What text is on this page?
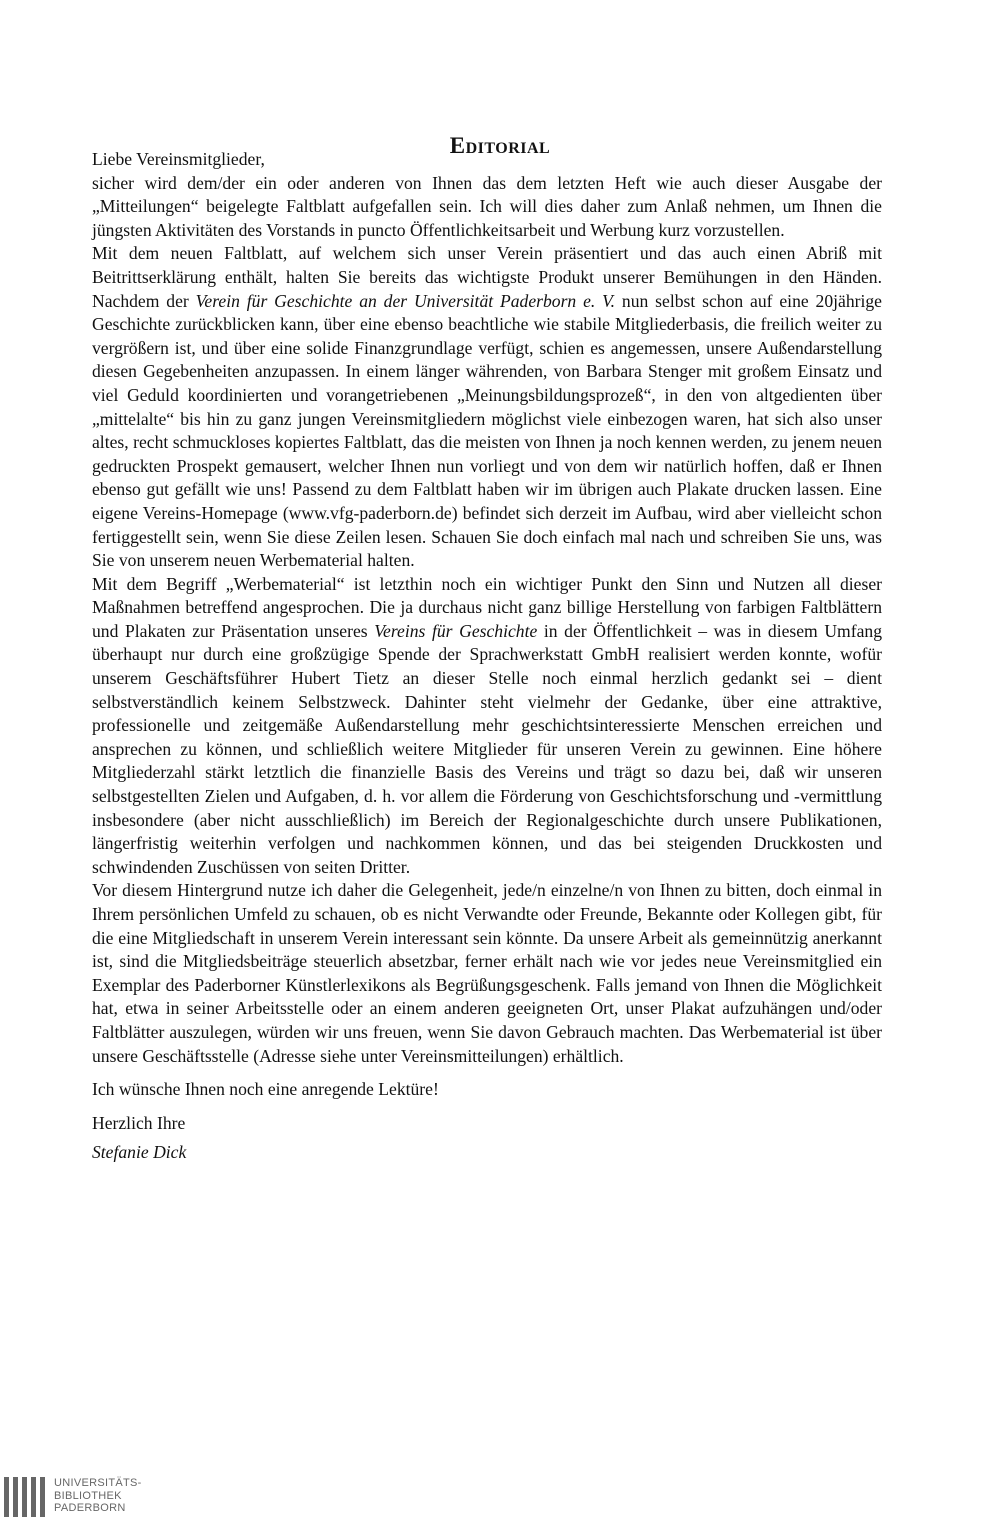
Editorial

Liebe Vereinsmitglieder,

sicher wird dem/der ein oder anderen von Ihnen das dem letzten Heft wie auch dieser Ausgabe der „Mitteilungen“ beigelegte Faltblatt aufgefallen sein. Ich will dies daher zum Anlaß nehmen, um Ihnen die jüngsten Aktivitäten des Vorstands in puncto Öffentlichkeitsarbeit und Werbung kurz vorzustellen.

Mit dem neuen Faltblatt, auf welchem sich unser Verein präsentiert und das auch einen Abriß mit Beitrittserklärung enthält, halten Sie bereits das wichtigste Produkt unserer Bemühungen in den Händen. Nachdem der Verein für Geschichte an der Universität Paderborn e. V. nun selbst schon auf eine 20jährige Geschichte zurückblicken kann, über eine ebenso beachtliche wie stabile Mitgliederbasis, die freilich weiter zu vergrößern ist, und über eine solide Finanzgrundlage verfügt, schien es angemessen, unsere Außendarstellung diesen Gegebenheiten anzupassen. In einem länger währenden, von Barbara Stenger mit großem Einsatz und viel Geduld koordinierten und vorangetriebenen „Meinungsbildungsprozeß“, in den von altgedienten über „mittelalte“ bis hin zu ganz jungen Vereinsmitgliedern möglichst viele einbezogen waren, hat sich also unser altes, recht schmuckloses kopiertes Faltblatt, das die meisten von Ihnen ja noch kennen werden, zu jenem neuen gedruckten Prospekt gemausert, welcher Ihnen nun vorliegt und von dem wir natürlich hoffen, daß er Ihnen ebenso gut gefällt wie uns! Passend zu dem Faltblatt haben wir im übrigen auch Plakate drucken lassen. Eine eigene Vereins-Homepage (www.vfg-paderborn.de) befindet sich derzeit im Aufbau, wird aber vielleicht schon fertiggestellt sein, wenn Sie diese Zeilen lesen. Schauen Sie doch einfach mal nach und schreiben Sie uns, was Sie von unserem neuen Werbematerial halten.

Mit dem Begriff „Werbematerial“ ist letzthin noch ein wichtiger Punkt den Sinn und Nutzen all dieser Maßnahmen betreffend angesprochen. Die ja durchaus nicht ganz billige Herstellung von farbigen Faltblättern und Plakaten zur Präsentation unseres Vereins für Geschichte in der Öffentlichkeit – was in diesem Umfang überhaupt nur durch eine großzügige Spende der Sprachwerkstatt GmbH realisiert werden konnte, wofür unserem Geschäftsführer Hubert Tietz an dieser Stelle noch einmal herzlich gedankt sei – dient selbstverständlich keinem Selbstzweck. Dahinter steht vielmehr der Gedanke, über eine attraktive, professionelle und zeitgemäße Außendarstellung mehr geschichtsinteressierte Menschen erreichen und ansprechen zu können, und schließlich weitere Mitglieder für unseren Verein zu gewinnen. Eine höhere Mitgliederzahl stärkt letztlich die finanzielle Basis des Vereins und trägt so dazu bei, daß wir unseren selbstgestellten Zielen und Aufgaben, d. h. vor allem die Förderung von Geschichtsforschung und -vermittlung insbesondere (aber nicht ausschließlich) im Bereich der Regionalgeschichte durch unsere Publikationen, längerfristig weiterhin verfolgen und nachkommen können, und das bei steigenden Druckkosten und schwindenden Zuschüssen von seiten Dritter.

Vor diesem Hintergrund nutze ich daher die Gelegenheit, jede/n einzelne/n von Ihnen zu bitten, doch einmal in Ihrem persönlichen Umfeld zu schauen, ob es nicht Verwandte oder Freunde, Bekannte oder Kollegen gibt, für die eine Mitgliedschaft in unserem Verein interessant sein könnte. Da unsere Arbeit als gemeinnützig anerkannt ist, sind die Mitgliedsbeiträge steuerlich absetzbar, ferner erhält nach wie vor jedes neue Vereinsmitglied ein Exemplar des Paderborner Künstlerlexikons als Begrüßungsgeschenk. Falls jemand von Ihnen die Möglichkeit hat, etwa in seiner Arbeitsstelle oder an einem anderen geeigneten Ort, unser Plakat aufzuhängen und/oder Faltblätter auszulegen, würden wir uns freuen, wenn Sie davon Gebrauch machten. Das Werbematerial ist über unsere Geschäftsstelle (Adresse siehe unter Vereinsmitteilungen) erhältlich.

Ich wünsche Ihnen noch eine anregende Lektüre!

Herzlich Ihre

Stefanie Dick

UNIVERSITÄTS-
BIBLIOTHEK
PADERBORN
